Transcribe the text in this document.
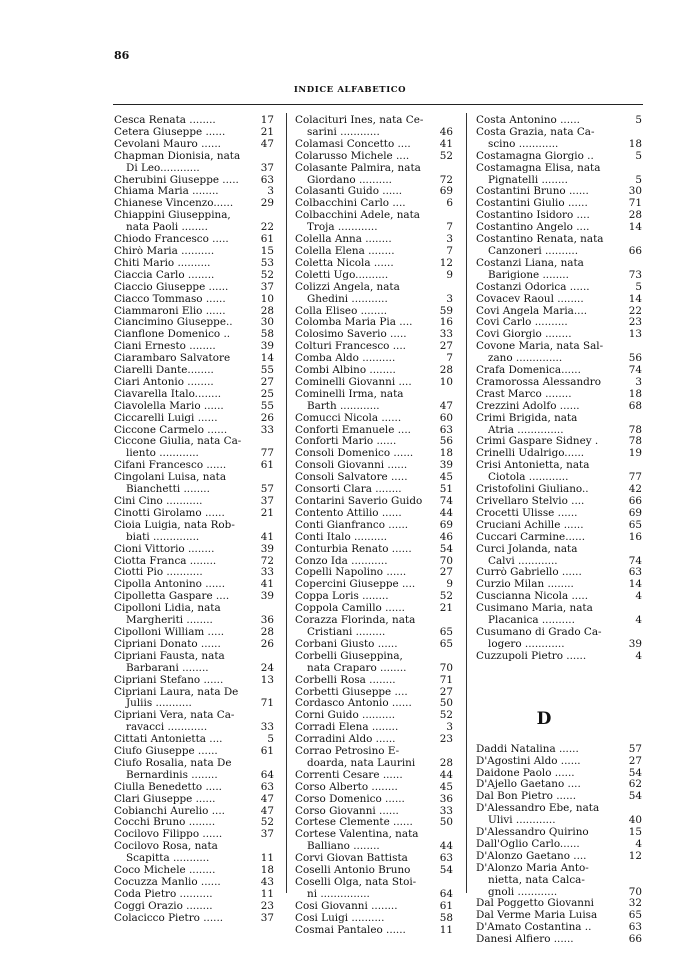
86
INDICE ALFABETICO
Cesca Renata ........	17
Cetera Giuseppe ......	21
Cevolani Mauro ......	47
Chapman Dionisia, nata
Di Leo............	37
Cherubini Giuseppe .....	63
Chiama Maria ........	3
Chianese Vincenzo......	29
Chiappini Giuseppina,
nata Paoli ........	22
Chiodo Francesco .....	61
Chirò Maria ..........	15
Chiti Mario ..........	53
Ciaccia Carlo ........	52
Ciaccio Giuseppe ......	37
Ciacco Tommaso ......	10
Ciammaroni Elio ......	28
Ciancimino Giuseppe..	30
Cianflone Domenico ..	58
Ciani Ernesto ........	39
Ciarambaro Salvatore	14
Ciarelli Dante........	55
Ciari Antonio ........	27
Ciavarella Italo........	25
Ciavolella Mario ......	55
Ciccarelli Luigi ......	26
Ciccone Carmelo ......	33
Ciccone Giulia, nata Ca-
liento ............	77
Cifani Francesco ......	61
Cingolani Luisa, nata
Bianchetti ........	57
Cini Cino ...........	37
Cinotti Girolamo ......	21
Cioia Luigia, nata Rob-
biati ..............	41
Cioni Vittorio ........	39
Ciotta Franca ........	72
Ciotti Pio ...........	33
Cipolla Antonino ......	41
Cipolletta Gaspare ....	39
Cipolloni Lidia, nata
Margheriti ........	36
Cipolloni William .....	28
Cipriani Donato ......	26
Cipriani Fausta, nata
Barbarani ........	24
Cipriani Stefano ......	13
Cipriani Laura, nata De
Juliis ...........	71
Cipriani Vera, nata Ca-
ravacci ............	33
Cittati Antonietta ....	5
Ciufo Giuseppe ......	61
Ciufo Rosalia, nata De
Bernardinis ........	64
Ciulla Benedetto .....	63
Clari Giuseppe ......	47
Cobianchi Aurelio ....	47
Cocchi Bruno ........	52
Cocilovo Filippo ......	37
Cocilovo Rosa, nata
Scapitta ...........	11
Coco Michele ........	18
Cocuzza Manlio ......	43
Coda Pietro ..........	11
Coggi Orazio ........	23
Colacicco Pietro ......	37
Colacituri Ines, nata Ce-
sarini ............	46
Colamasi Concetto ....	41
Colarusso Michele ....	52
Colasante Palmira, nata
Giordano ..........	72
Colasanti Guido ......	69
Colbacchini Carlo ....	6
Colbacchini Adele, nata
Troja ............	7
Colella Anna ........	3
Colella Elena ........	7
Coletta Nicola ......	12
Coletti Ugo..........	9
Colizzi Angela, nata
Ghedini ...........	3
Colla Eliseo ........	59
Colomba Maria Pia ....	16
Colosimo Saverio .....	33
Colturi Francesco ....	27
Comba Aldo ..........	7
Combi Albino ........	28
Cominelli Giovanni ....	10
Cominelli Irma, nata
Barth ............	47
Comucci Nicola ......	60
Conforti Emanuele ....	63
Conforti Mario ......	56
Consoli Domenico ......	18
Consoli Giovanni ......	39
Consoli Salvatore .....	45
Consorti Clara ........	51
Contarini Saverio Guido	74
Contento Attilio ......	44
Conti Gianfranco ......	69
Conti Italo ..........	46
Conturbia Renato ......	54
Conzo Ida ...........	70
Copelli Napolino ......	27
Copercini Giuseppe ....	9
Coppa Loris ........	52
Coppola Camillo ......	21
Corazza Florinda, nata
Cristiani .........	65
Corbani Giusto ......	65
Corbelli Giuseppina,
nata Craparo ........	70
Corbelli Rosa ........	71
Corbetti Giuseppe ....	27
Cordasco Antonio ......	50
Corni Guido ..........	52
Corradi Elena ........	3
Corradini Aldo ......	23
Corrao Petrosino E-
doarda, nata Laurini	28
Correnti Cesare ......	44
Corso Alberto ........	45
Corso Domenico ......	36
Corso Giovanni ......	33
Cortese Clemente ......	50
Cortese Valentina, nata
Balliano ........	44
Corvi Giovan Battista	63
Coselli Antonio Bruno	54
Coselli Olga, nata Stoi-
ni ...............	64
Cosi Giovanni ........	61
Cosi Luigi ..........	58
Cosmai Pantaleo ......	11
Costa Antonino ......	5
Costa Grazia, nata Ca-
scino ............	18
Costamagna Giorgio ..	5
Costamagna Elisa, nata
Pignatelli ........	5
Costantini Bruno ......	30
Costantini Giulio ......	71
Costantino Isidoro ....	28
Costantino Angelo ....	14
Costantino Renata, nata
Canzoneri ..........	66
Costanzi Liana, nata
Barigione ........	73
Costanzi Odorica ......	5
Covacev Raoul ........	14
Covi Angela Maria....	22
Covi Carlo ..........	23
Covi Giorgio ........	13
Covone Maria, nata Sal-
zano ..............	56
Crafa Domenica......	74
Cramorossa Alessandro	3
Crast Marco ........	18
Crezzini Adolfo ......	68
Crimi Brigida, nata
Atria ..............	78
Crimi Gaspare Sidney .	78
Crinelli Udalrigo......	19
Crisi Antonietta, nata
Ciotola ............	77
Cristofolini Giuliano..	42
Crivellaro Stelvio ....	66
Crocetti Ulisse ......	69
Cruciani Achille ......	65
Cuccari Carmine......	16
Curci Jolanda, nata
Calvi ............	74
Currò Gabriello ......	63
Curzio Milan ........	14
Cuscianna Nicola .....	4
Cusimano Maria, nata
Placanica ..........	4
Cusumano di Grado Ca-
logero ............	39
Cuzzupoli Pietro ......	4
D
Daddi Natalina ......	57
D'Agostini Aldo ......	27
Daidone Paolo ......	54
D'Ajello Gaetano ....	62
Dal Bon Pietro ......	54
D'Alessandro Ebe, nata
Ulivi ............	40
D'Alessandro Quirino	15
Dall'Oglio Carlo......	4
D'Alonzo Gaetano ....	12
D'Alonzo Maria Anto-
nietta, nata Calca-
gnoli ............	70
Dal Poggetto Giovanni	32
Dal Verme Maria Luisa	65
D'Amato Costantina ..	63
Danesi Alfiero ......	66
